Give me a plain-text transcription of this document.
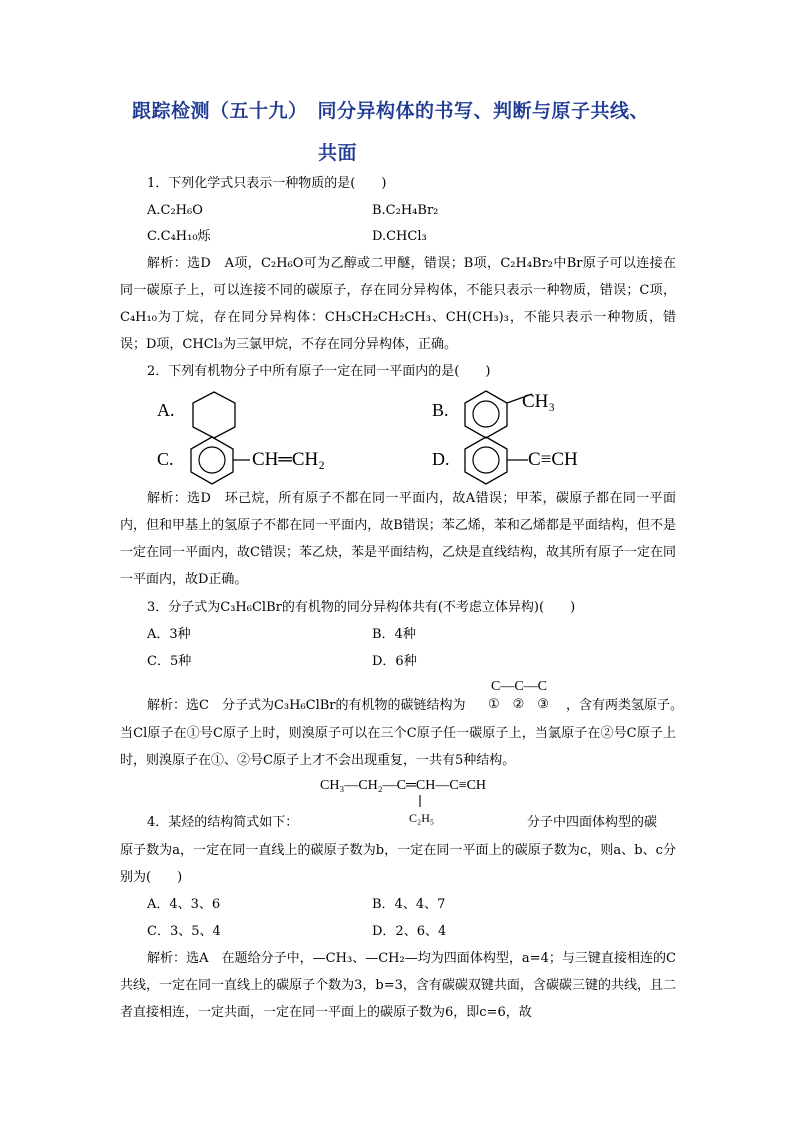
跟踪检测（五十九）　同分异构体的书写、判断与原子共线、
共面
1．下列化学式只表示一种物质的是(　　)
A.C₂H₆O	B.C₂H₄Br₂
C.C₄H₁₀烁	D.CHCl₃
解析：选D　A项，C₂H₆O可为乙醇或二甲醚，错误；B项，C₂H₄Br₂中Br原子可以连接在同一碳原子上，可以连接不同的碳原子，存在同分异构体，不能只表示一种物质，错误；C项，C₄H₁₀为丁烷，存在同分异构体：CH₃CH₂CH₂CH₃、CH(CH₃)₃，不能只表示一种物质，错误；D项，CHCl₃为三氯甲烷，不存在同分异构体，正确。
2．下列有机物分子中所有原子一定在同一平面内的是(　　)
A.	B.	CH₃
C.	CH═CH₂	D.	C≡CH
解析：选D　环己烷，所有原子不都在同一平面内，故A错误；甲苯，碳原子都在同一平面内，但和甲基上的氢原子不都在同一平面内，故B错误；苯乙烯，苯和乙烯都是平面结构，但不是一定在同一平面内，故C错误；苯乙炔，苯是平面结构，乙炔是直线结构，故其所有原子一定在同一平面内，故D正确。
3．分子式为C₃H₆ClBr的有机物的同分异构体共有(不考虑立体异构)(　　)
A．3种	B．4种
C．5种	D．6种
解析：选C　分子式为C₃H₆ClBr的有机物的碳链结构为
C—C—C
①　②　③ ，含有两类氢原子。
当Cl原子在①号C原子上时，则溴原子可以在三个C原子任一碳原子上，当氯原子在②号C原子上时，则溴原子在①、②号C原子上才不会出现重复，一共有5种结构。
CH₃—CH₂—C═CH—C≡CH
C₂H₅
4．某烃的结构简式如下：	分子中四面体构型的碳
原子数为a，一定在同一直线上的碳原子数为b，一定在同一平面上的碳原子数为c，则a、b、c分别为(　　)
A．4、3、6	B．4、4、7
C．3、5、4	D．2、6、4
解析：选A　在题给分子中，—CH₃、—CH₂—均为四面体构型，a=4；与三键直接相连的C共线，一定在同一直线上的碳原子个数为3，b=3，含有碳碳双键共面，含碳碳三键的共线，且二者直接相连，一定共面，一定在同一平面上的碳原子数为6，即c=6，故
